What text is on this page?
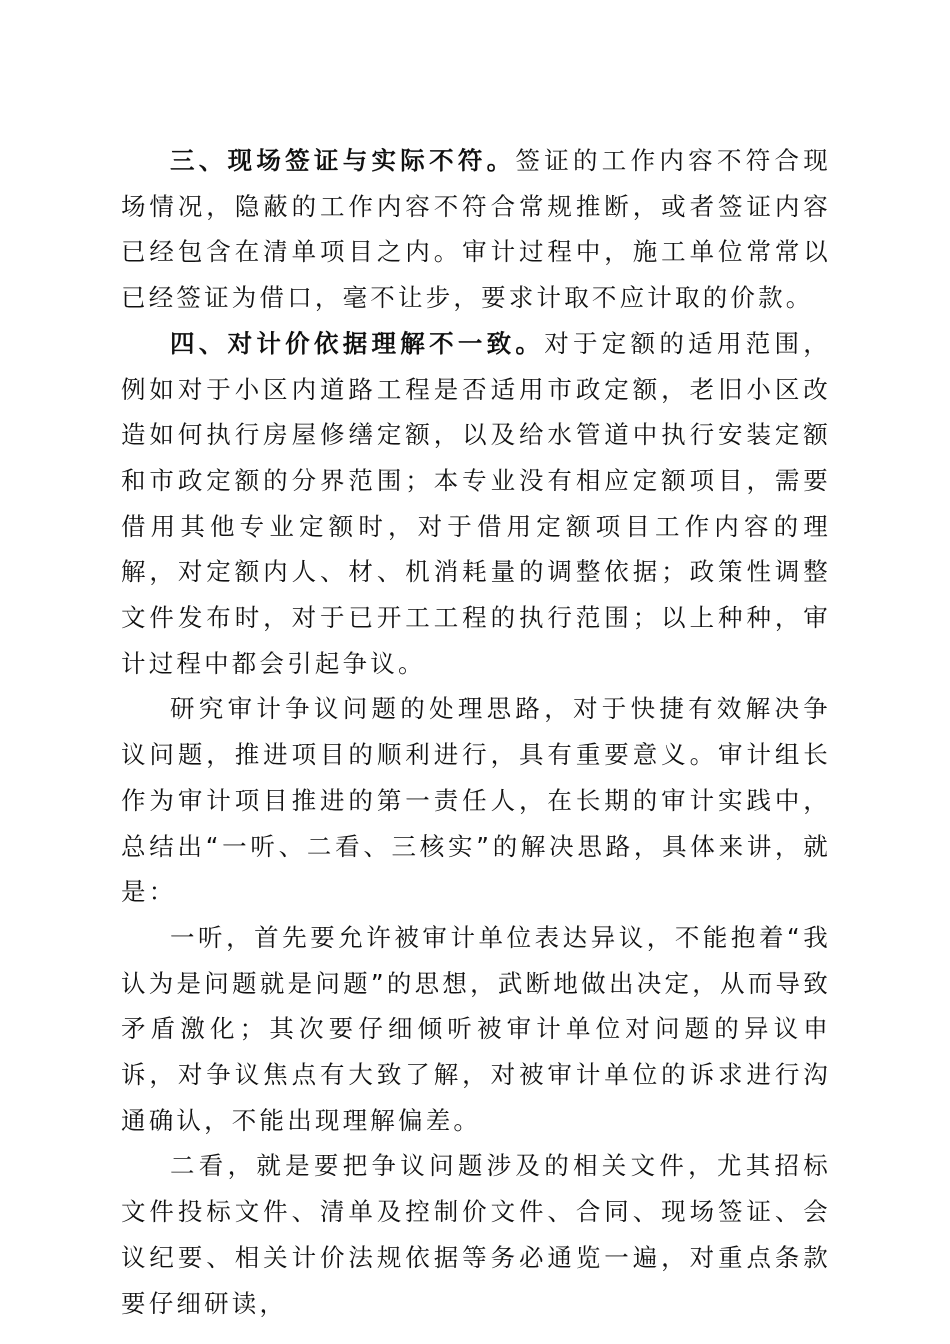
三、现场签证与实际不符。签证的工作内容不符合现场情况，隐蔽的工作内容不符合常规推断，或者签证内容已经包含在清单项目之内。审计过程中，施工单位常常以已经签证为借口，毫不让步，要求计取不应计取的价款。

四、对计价依据理解不一致。对于定额的适用范围，例如对于小区内道路工程是否适用市政定额，老旧小区改造如何执行房屋修缮定额，以及给水管道中执行安装定额和市政定额的分界范围；本专业没有相应定额项目，需要借用其他专业定额时，对于借用定额项目工作内容的理解，对定额内人、材、机消耗量的调整依据；政策性调整文件发布时，对于已开工工程的执行范围；以上种种，审计过程中都会引起争议。

研究审计争议问题的处理思路，对于快捷有效解决争议问题，推进项目的顺利进行，具有重要意义。审计组长作为审计项目推进的第一责任人，在长期的审计实践中，总结出“一听、二看、三核实”的解决思路，具体来讲，就是：

一听，首先要允许被审计单位表达异议，不能抱着“我认为是问题就是问题”的思想，武断地做出决定，从而导致矛盾激化；其次要仔细倾听被审计单位对问题的异议申诉，对争议焦点有大致了解，对被审计单位的诉求进行沟通确认，不能出现理解偏差。

二看，就是要把争议问题涉及的相关文件，尤其招标文件投标文件、清单及控制价文件、合同、现场签证、会议纪要、相关计价法规依据等务必通览一遍，对重点条款要仔细研读，
